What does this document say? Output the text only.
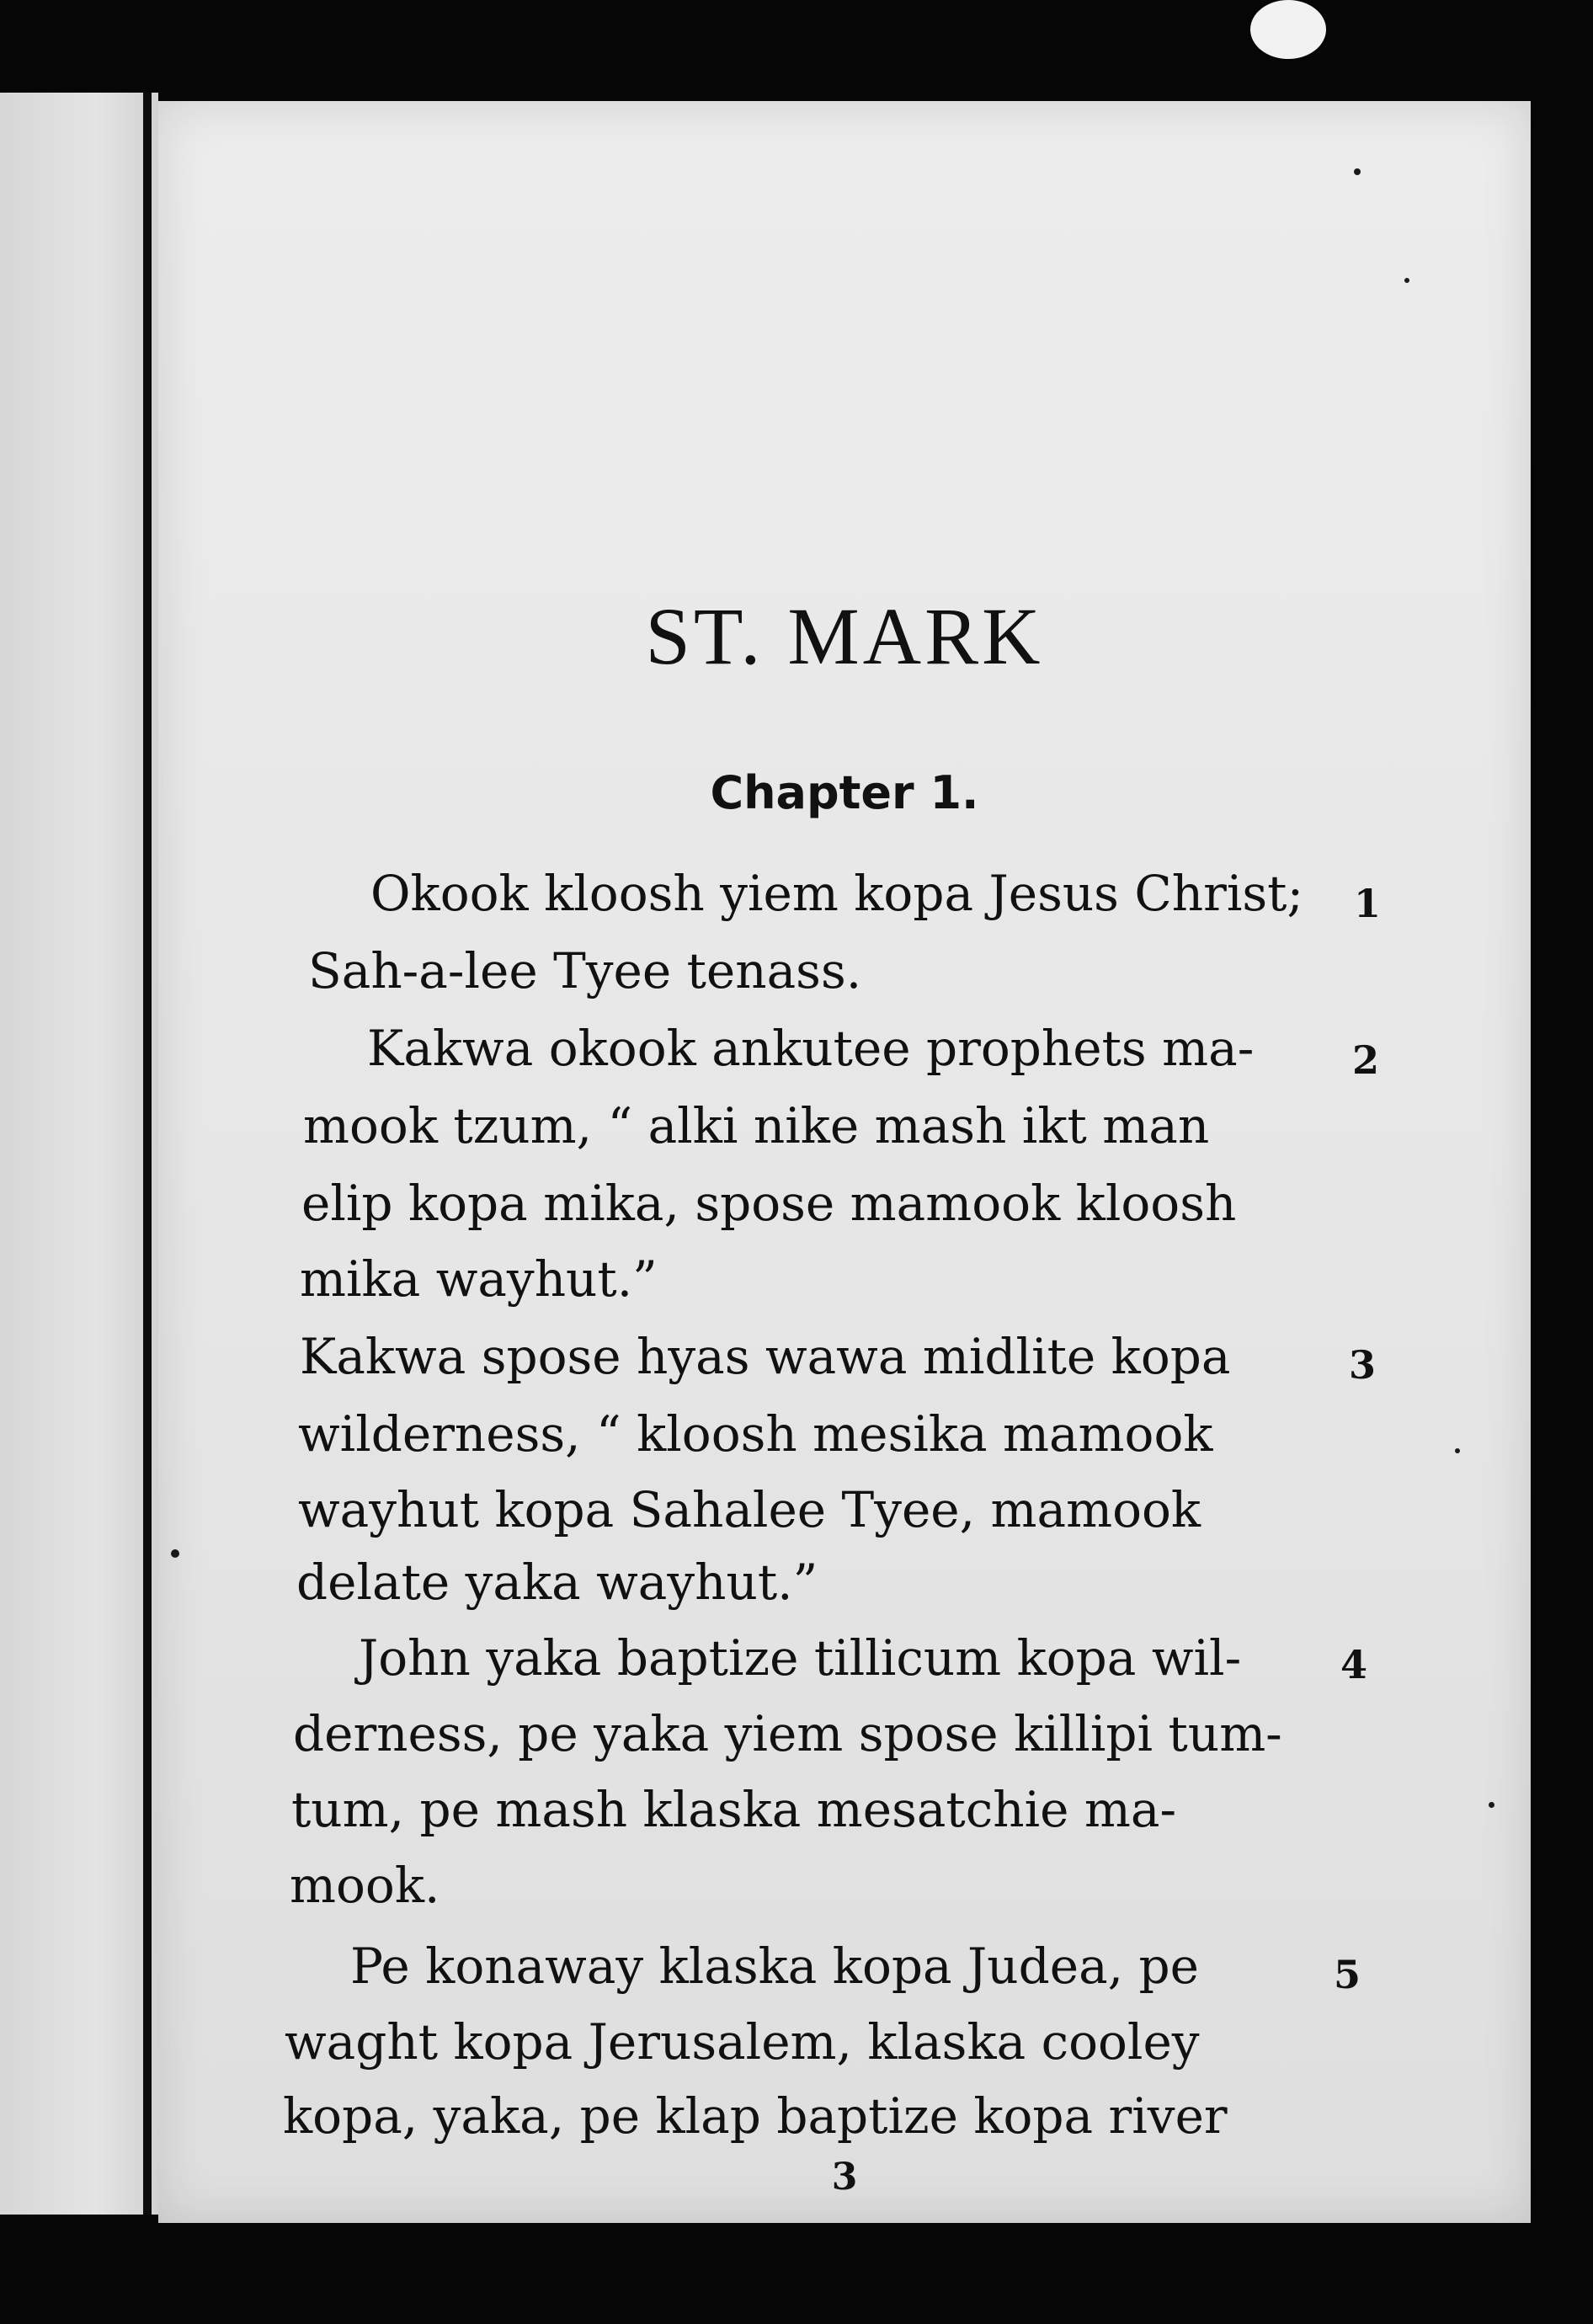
ST. MARK
Chapter 1.

Okook kloosh yiem kopa Jesus Christ;

Sah-a-lee Tyee tenass.

1

Kakwa okook ankutee prophets ma-

mook tzum, “ alki nike mash ikt man

elip kopa mika, spose mamook kloosh

mika wayhut.”

2

Kakwa spose hyas wawa midlite kopa

wilderness, “ kloosh mesika mamook

wayhut kopa Sahalee Tyee, mamook

delate yaka wayhut.”

3

John yaka baptize tillicum kopa wil-

derness, pe yaka yiem spose killipi tum-

tum, pe mash klaska mesatchie ma-

mook.

4

Pe konaway klaska kopa Judea, pe

waght kopa Jerusalem, klaska cooley

kopa, yaka, pe klap baptize kopa river

5
3
